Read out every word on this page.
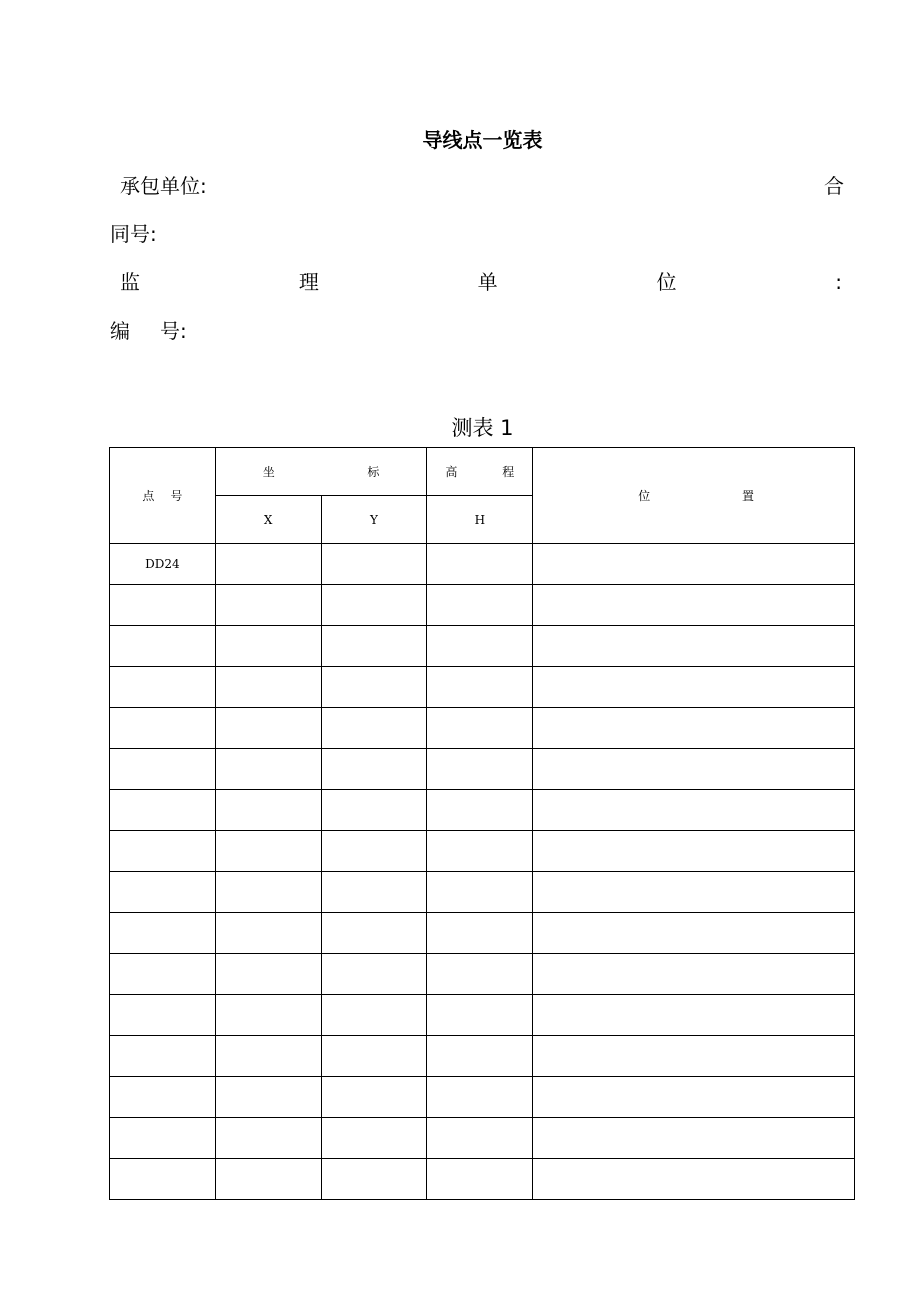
导线点一览表
承包单位:	合
同号:
监	理	单	位	:
编 号:
测表 1
点 号	坐 标		高 程	位 置

	X	Y	H	
DD24				
